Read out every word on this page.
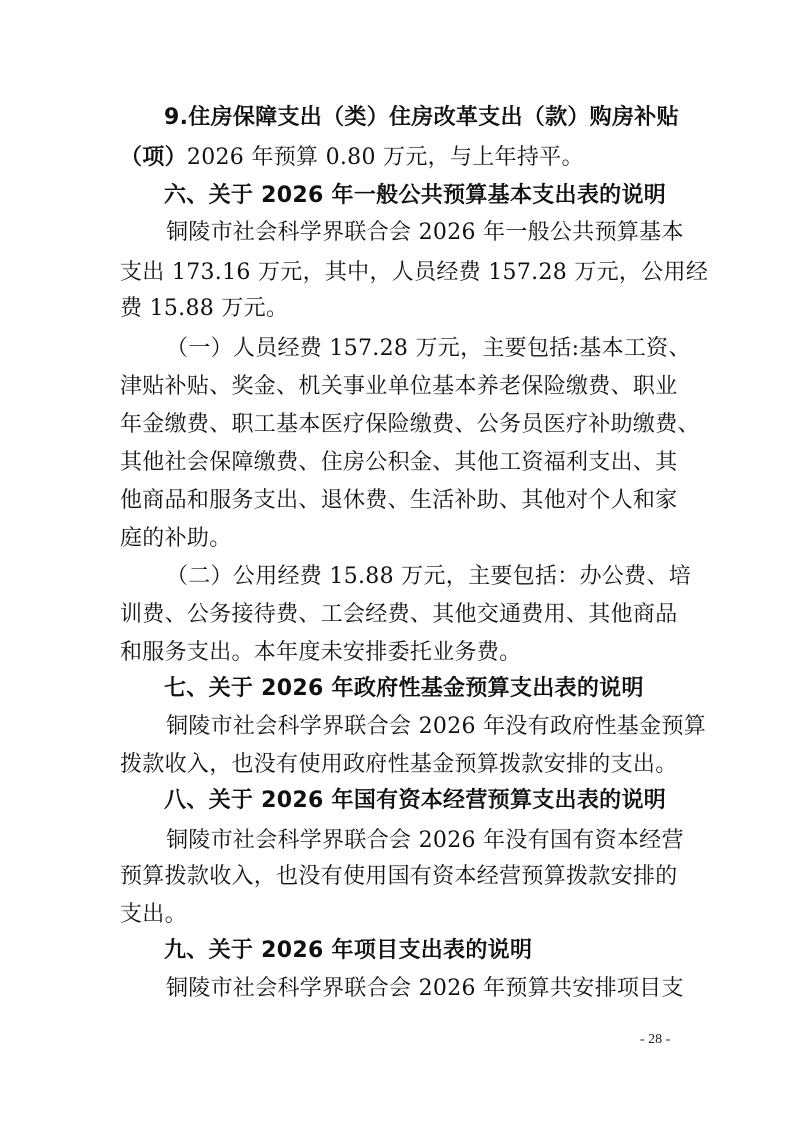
9.住房保障支出（类）住房改革支出（款）购房补贴
（项）2026 年预算 0.80 万元，与上年持平。
六、关于 2026 年一般公共预算基本支出表的说明
铜陵市社会科学界联合会 2026 年一般公共预算基本
支出 173.16 万元，其中，人员经费 157.28 万元，公用经
费 15.88 万元。
（一）人员经费 157.28 万元，主要包括:基本工资、
津贴补贴、奖金、机关事业单位基本养老保险缴费、职业
年金缴费、职工基本医疗保险缴费、公务员医疗补助缴费、
其他社会保障缴费、住房公积金、其他工资福利支出、其
他商品和服务支出、退休费、生活补助、其他对个人和家
庭的补助。
（二）公用经费 15.88 万元，主要包括：办公费、培
训费、公务接待费、工会经费、其他交通费用、其他商品
和服务支出。本年度未安排委托业务费。
七、关于 2026 年政府性基金预算支出表的说明
铜陵市社会科学界联合会 2026 年没有政府性基金预算
拨款收入，也没有使用政府性基金预算拨款安排的支出。
八、关于 2026 年国有资本经营预算支出表的说明
铜陵市社会科学界联合会 2026 年没有国有资本经营
预算拨款收入，也没有使用国有资本经营预算拨款安排的
支出。
九、关于 2026 年项目支出表的说明
铜陵市社会科学界联合会 2026 年预算共安排项目支
- 28 -
